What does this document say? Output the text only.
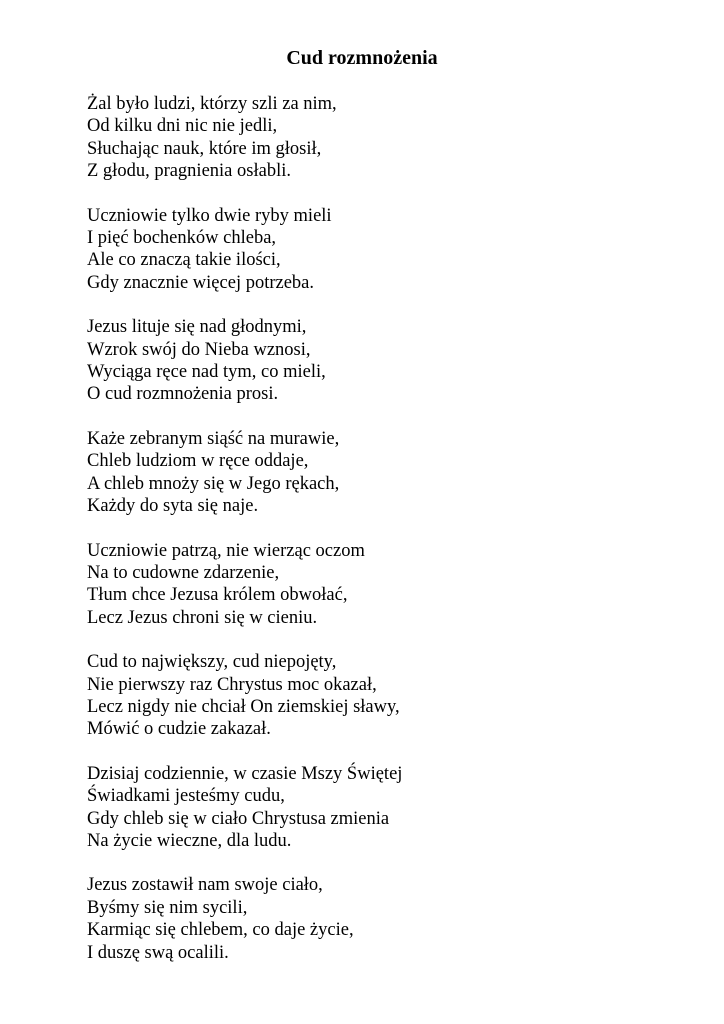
Cud rozmnożenia
Żal było ludzi, którzy szli za nim,
Od kilku dni nic nie jedli,
Słuchając nauk, które im głosił,
Z głodu, pragnienia osłabli.
Uczniowie tylko dwie ryby mieli
I pięć bochenków chleba,
Ale co znaczą takie ilości,
Gdy znacznie więcej potrzeba.
Jezus lituje się nad głodnymi,
Wzrok swój do Nieba wznosi,
Wyciąga ręce nad tym, co mieli,
O cud rozmnożenia prosi.
Każe zebranym siąść na murawie,
Chleb ludziom w ręce oddaje,
A chleb mnoży się w Jego rękach,
Każdy do syta się naje.
Uczniowie patrzą, nie wierząc oczom
Na to cudowne zdarzenie,
Tłum chce Jezusa królem obwołać,
Lecz Jezus chroni się w cieniu.
Cud to największy, cud niepojęty,
Nie pierwszy raz Chrystus moc okazał,
Lecz nigdy nie chciał On ziemskiej sławy,
Mówić o cudzie zakazał.
Dzisiaj codziennie, w czasie Mszy Świętej
Świadkami jesteśmy cudu,
Gdy chleb się w ciało Chrystusa zmienia
Na życie wieczne, dla ludu.
Jezus zostawił nam swoje ciało,
Byśmy się nim sycili,
Karmiąc się chlebem, co daje życie,
I duszę swą ocalili.
